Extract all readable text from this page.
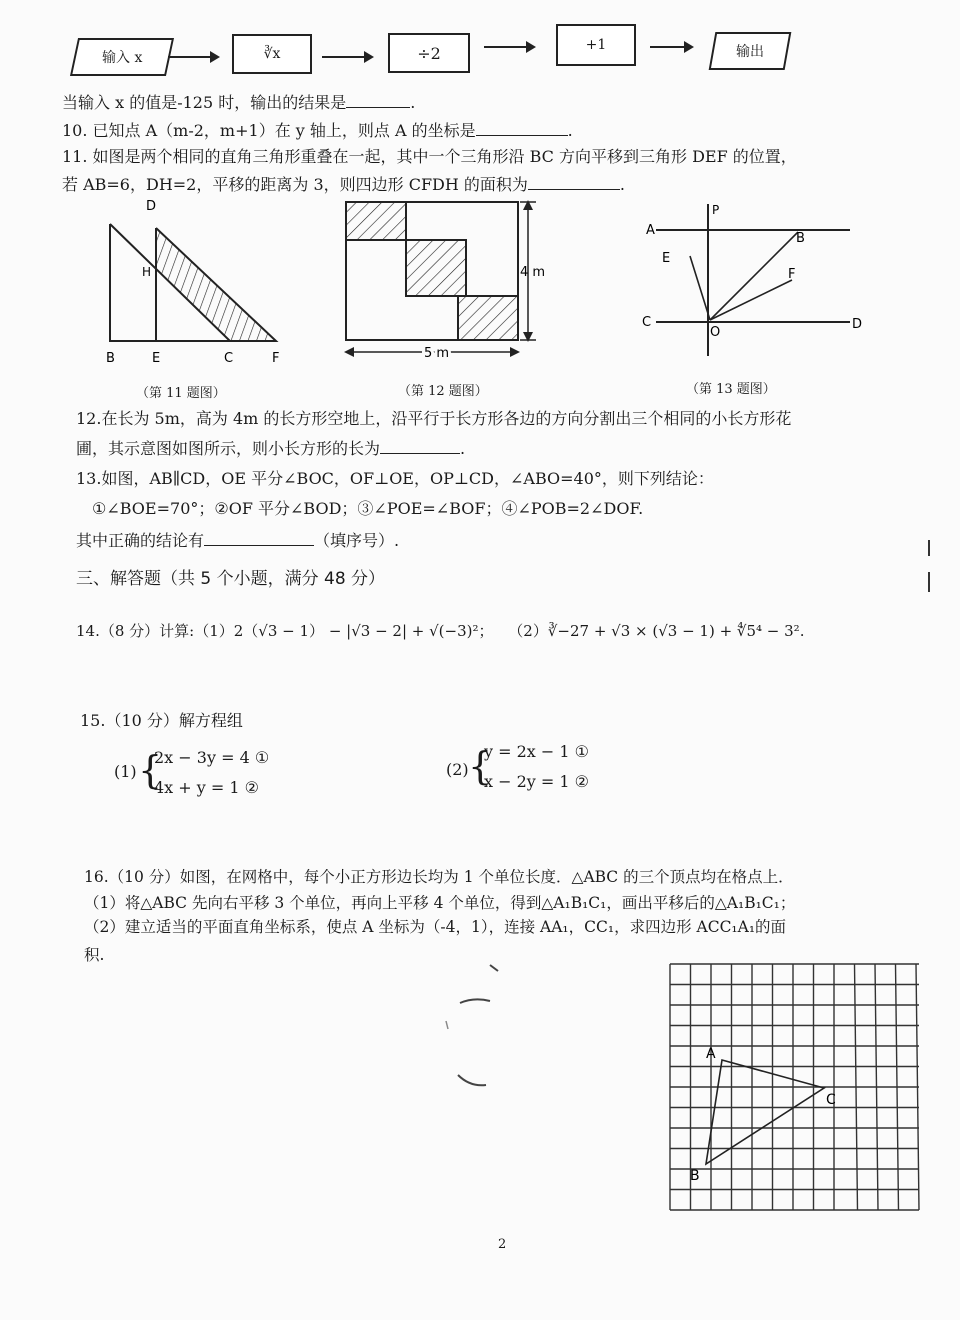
输入 x	∛x	÷2	+1	输出
当输入 x 的值是-125 时，输出的结果是	.
10. 已知点 A（m-2，m+1）在 y 轴上，则点 A 的坐标是	.
11. 如图是两个相同的直角三角形重叠在一起，其中一个三角形沿 BC 方向平移到三角形 DEF 的位置，
若 AB=6，DH=2，平移的距离为 3，则四边形 CFDH 的面积为	.
D
H
B	E	C	F
（第 11 题图）
4 m
5 m
（第 12 题图）
A
P
B
E
F
C
O
D
（第 13 题图）
12.在长为 5m，高为 4m 的长方形空地上，沿平行于长方形各边的方向分割出三个相同的小长方形花
圃，其示意图如图所示，则小长方形的长为	.
13.如图，AB∥CD，OE 平分∠BOC，OF⊥OE，OP⊥CD，∠ABO=40°，则下列结论：
①∠BOE=70°；②OF 平分∠BOD；③∠POE=∠BOF；④∠POB=2∠DOF.
其中正确的结论有	（填序号）.
三、解答题（共 5 个小题，满分 48 分）
14.（8 分）计算:（1）2（√3 − 1） − |√3 − 2| + √(−3)²； （2）∛−27 + √3 × (√3 − 1) + ∜5⁴ − 3².
15.（10 分）解方程组
(1) {
2x − 3y = 4 ①
4x + y = 1 ②
(2) {
y = 2x − 1 ①
x − 2y = 1 ②
16.（10 分）如图，在网格中，每个小正方形边长均为 1 个单位长度．△ABC 的三个顶点均在格点上．
（1）将△ABC 先向右平移 3 个单位，再向上平移 4 个单位，得到△A₁B₁C₁，画出平移后的△A₁B₁C₁；
（2）建立适当的平面直角坐标系，使点 A 坐标为（-4，1），连接 AA₁，CC₁，求四边形 ACC₁A₁的面
积.
A
C
B
2
